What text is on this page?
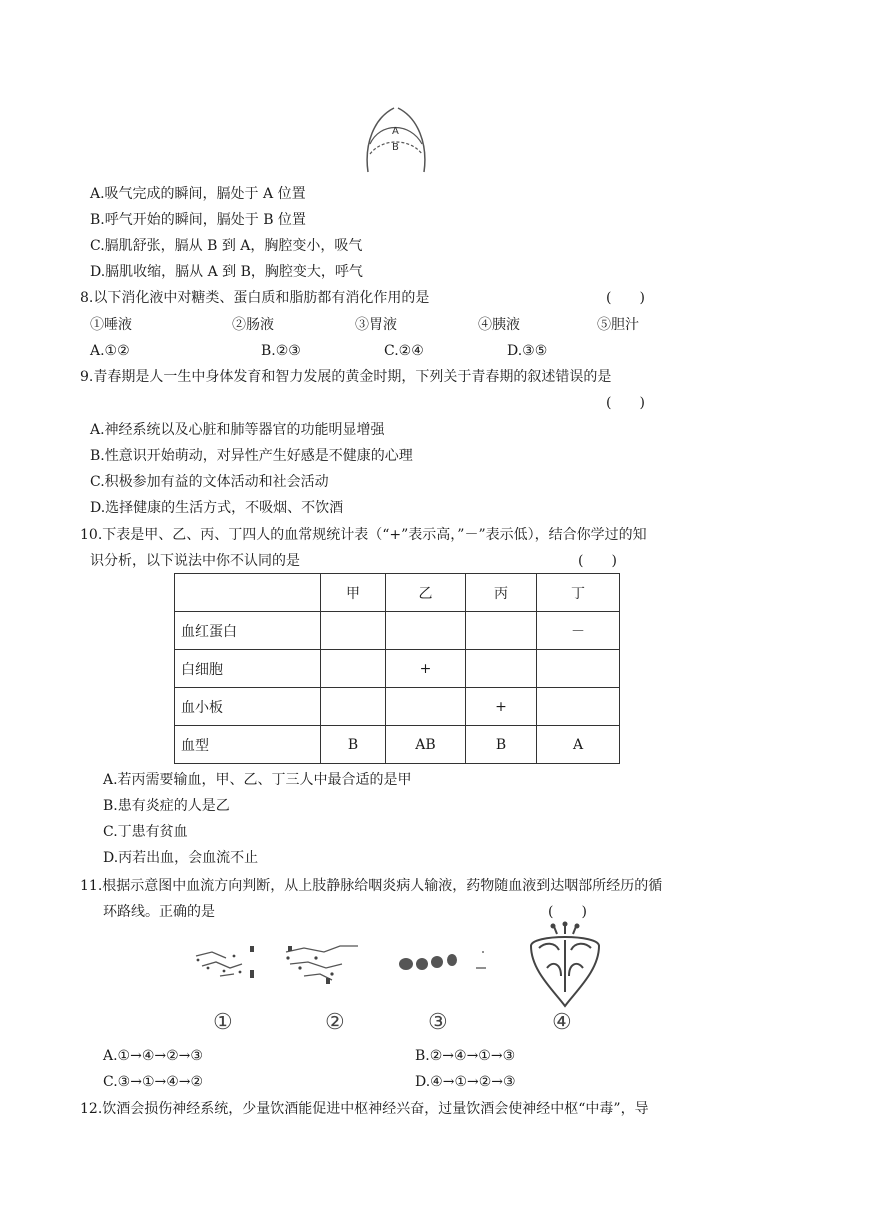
A
B
A.吸气完成的瞬间，膈处于 A 位置
B.呼气开始的瞬间，膈处于 B 位置
C.膈肌舒张，膈从 B 到 A，胸腔变小，吸气
D.膈肌收缩，膈从 A 到 B，胸腔变大，呼气
8.以下消化液中对糖类、蛋白质和脂肪都有消化作用的是	(　　)
①唾液	②肠液	③胃液	④胰液	⑤胆汁
A.①②	B.②③	C.②④	D.③⑤
9.青春期是人一生中身体发育和智力发展的黄金时期，下列关于青春期的叙述错误的是
(　　)
A.神经系统以及心脏和肺等器官的功能明显增强
B.性意识开始萌动，对异性产生好感是不健康的心理
C.积极参加有益的文体活动和社会活动
D.选择健康的生活方式，不吸烟、不饮酒
10.下表是甲、乙、丙、丁四人的血常规统计表（“+”表示高，”－”表示低），结合你学过的知
识分析，以下说法中你不认同的是	(　　)
	甲	乙	丙	丁
血红蛋白				－
白细胞		+		
血小板			+	
血型	B	AB	B	A
A.若丙需要输血，甲、乙、丁三人中最合适的是甲
B.患有炎症的人是乙
C.丁患有贫血
D.丙若出血，会血流不止
11.根据示意图中血流方向判断，从上肢静脉给咽炎病人输液，药物随血液到达咽部所经历的循
环路线。正确的是	(　　)
①	②	③	④
A.①→④→②→③	B.②→④→①→③
C.③→①→④→②	D.④→①→②→③
12.饮酒会损伤神经系统，少量饮酒能促进中枢神经兴奋，过量饮酒会使神经中枢“中毒”，导
